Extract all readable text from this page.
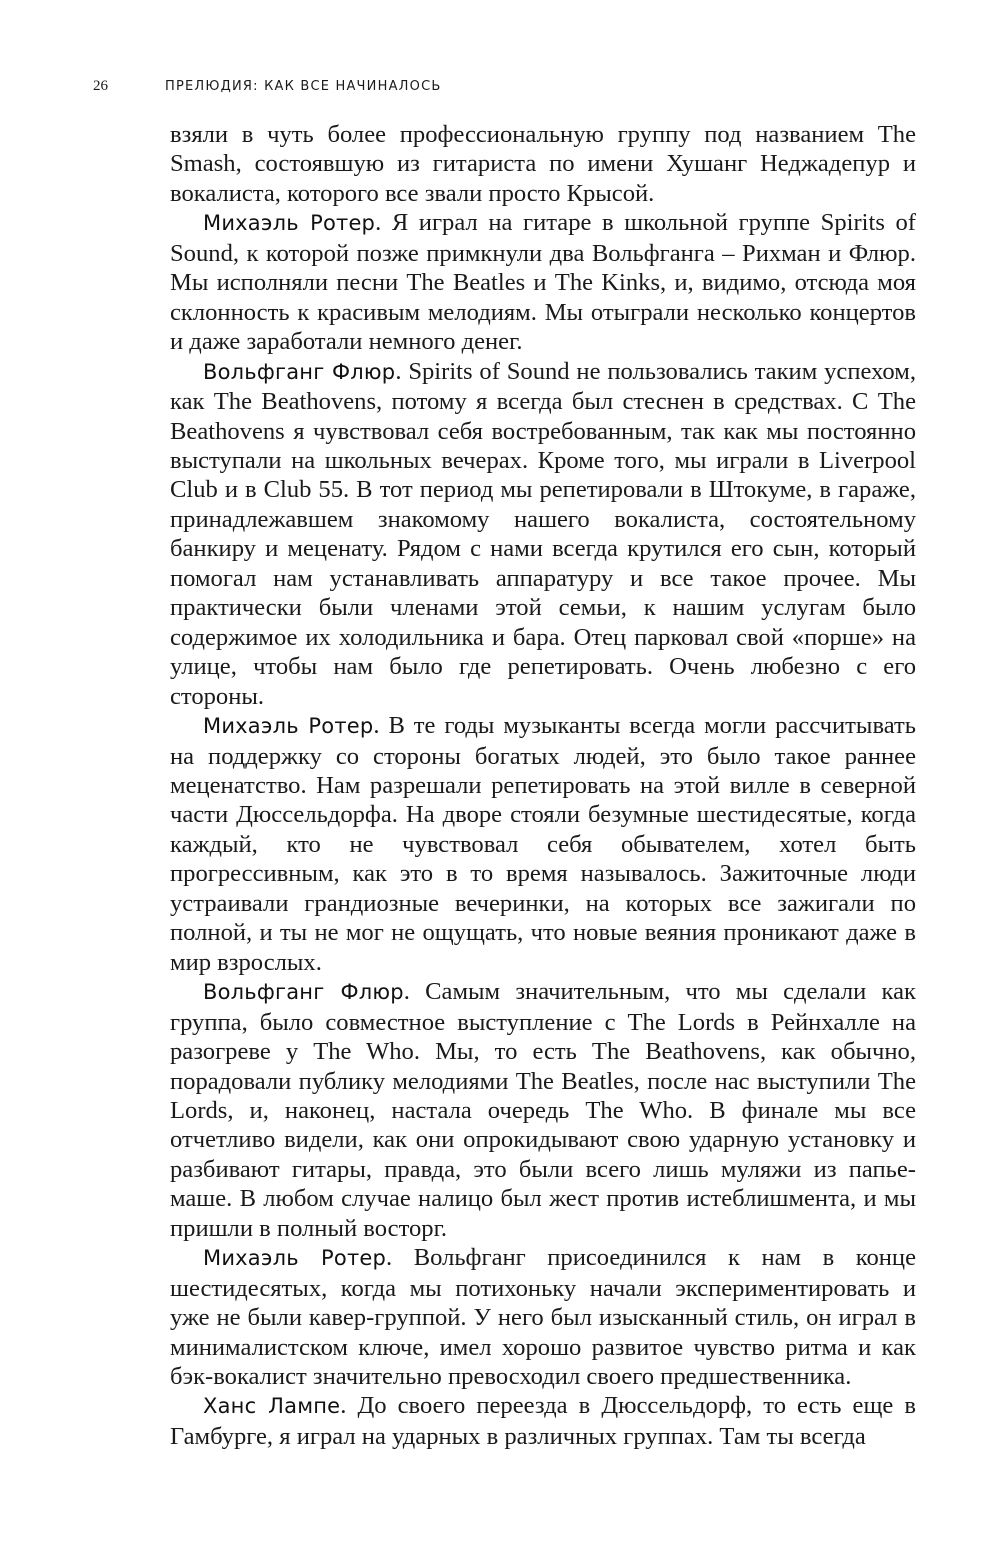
26	ПРЕЛЮДИЯ: КАК ВСЕ НАЧИНАЛОСЬ

взяли в чуть более профессиональную группу под названием The Smash, состоявшую из гитариста по имени Хушанг Неджадепур и вокалиста, которого все звали просто Крысой.

Михаэль Ротер. Я играл на гитаре в школьной группе Spirits of Sound, к которой позже примкнули два Вольфганга – Рихман и Флюр. Мы исполняли песни The Beatles и The Kinks, и, видимо, отсюда моя склонность к красивым мелодиям. Мы отыграли несколько концертов и даже заработали немного денег.

Вольфганг Флюр. Spirits of Sound не пользовались таким успехом, как The Beathovens, потому я всегда был стеснен в средствах. С The Beathovens я чувствовал себя востребованным, так как мы постоянно выступали на школьных вечерах. Кроме того, мы играли в Liverpool Club и в Club 55. В тот период мы репетировали в Штокуме, в гараже, принадлежавшем знакомому нашего вокалиста, состоятельному банкиру и меценату. Рядом с нами всегда крутился его сын, который помогал нам устанавливать аппаратуру и все такое прочее. Мы практически были членами этой семьи, к нашим услугам было содержимое их холодильника и бара. Отец парковал свой «порше» на улице, чтобы нам было где репетировать. Очень любезно с его стороны.

Михаэль Ротер. В те годы музыканты всегда могли рассчитывать на поддержку со стороны богатых людей, это было такое раннее меценатство. Нам разрешали репетировать на этой вилле в северной части Дюссельдорфа. На дворе стояли безумные шестидесятые, когда каждый, кто не чувствовал себя обывателем, хотел быть прогрессивным, как это в то время называлось. Зажиточные люди устраивали грандиозные вечеринки, на которых все зажигали по полной, и ты не мог не ощущать, что новые веяния проникают даже в мир взрослых.

Вольфганг Флюр. Самым значительным, что мы сделали как группа, было совместное выступление с The Lords в Рейнхалле на разогреве у The Who. Мы, то есть The Beathovens, как обычно, порадовали публику мелодиями The Beatles, после нас выступили The Lords, и, наконец, настала очередь The Who. В финале мы все отчетливо видели, как они опрокидывают свою ударную установку и разбивают гитары, правда, это были всего лишь муляжи из папье-маше. В любом случае налицо был жест против истеблишмента, и мы пришли в полный восторг.

Михаэль Ротер. Вольфганг присоединился к нам в конце шестидесятых, когда мы потихоньку начали экспериментировать и уже не были кавер-группой. У него был изысканный стиль, он играл в минималистском ключе, имел хорошо развитое чувство ритма и как бэк-вокалист значительно превосходил своего предшественника.

Ханс Лампе. До своего переезда в Дюссельдорф, то есть еще в Гамбурге, я играл на ударных в различных группах. Там ты всегда
